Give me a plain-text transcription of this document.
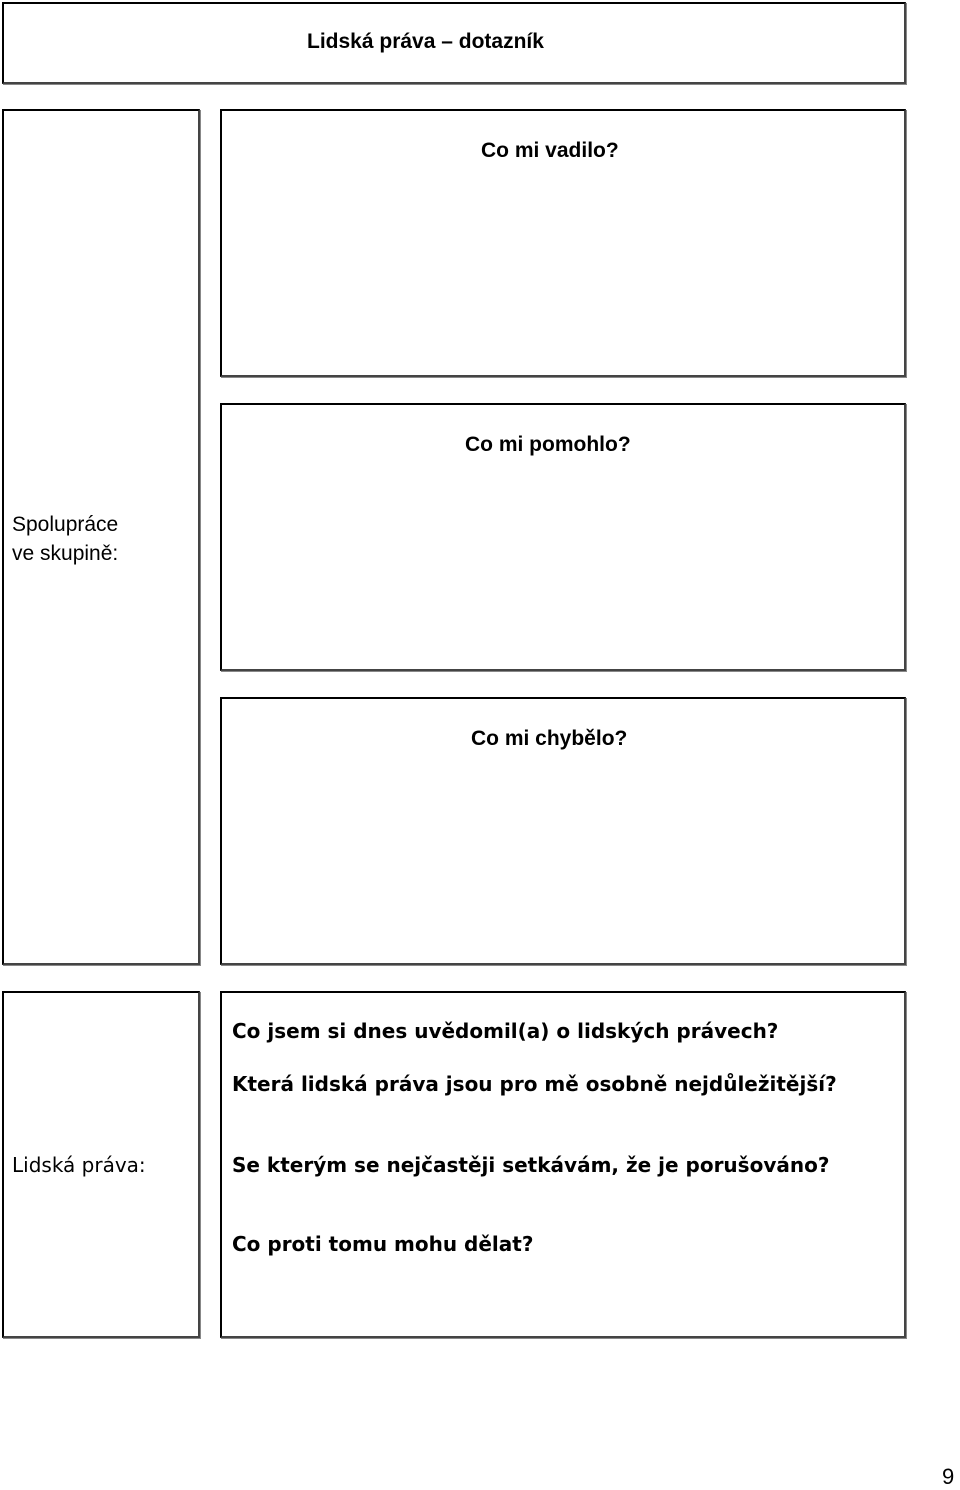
Lidská práva – dotazník
Spolupráce
ve skupině:
Co mi vadilo?
Co mi pomohlo?
Co mi chybělo?
Lidská práva:
Co jsem si dnes uvědomil(a) o lidských právech?
Která lidská práva jsou pro mě osobně nejdůležitější?
Se kterým se nejčastěji setkávám, že je porušováno?
Co proti tomu mohu dělat?
9
